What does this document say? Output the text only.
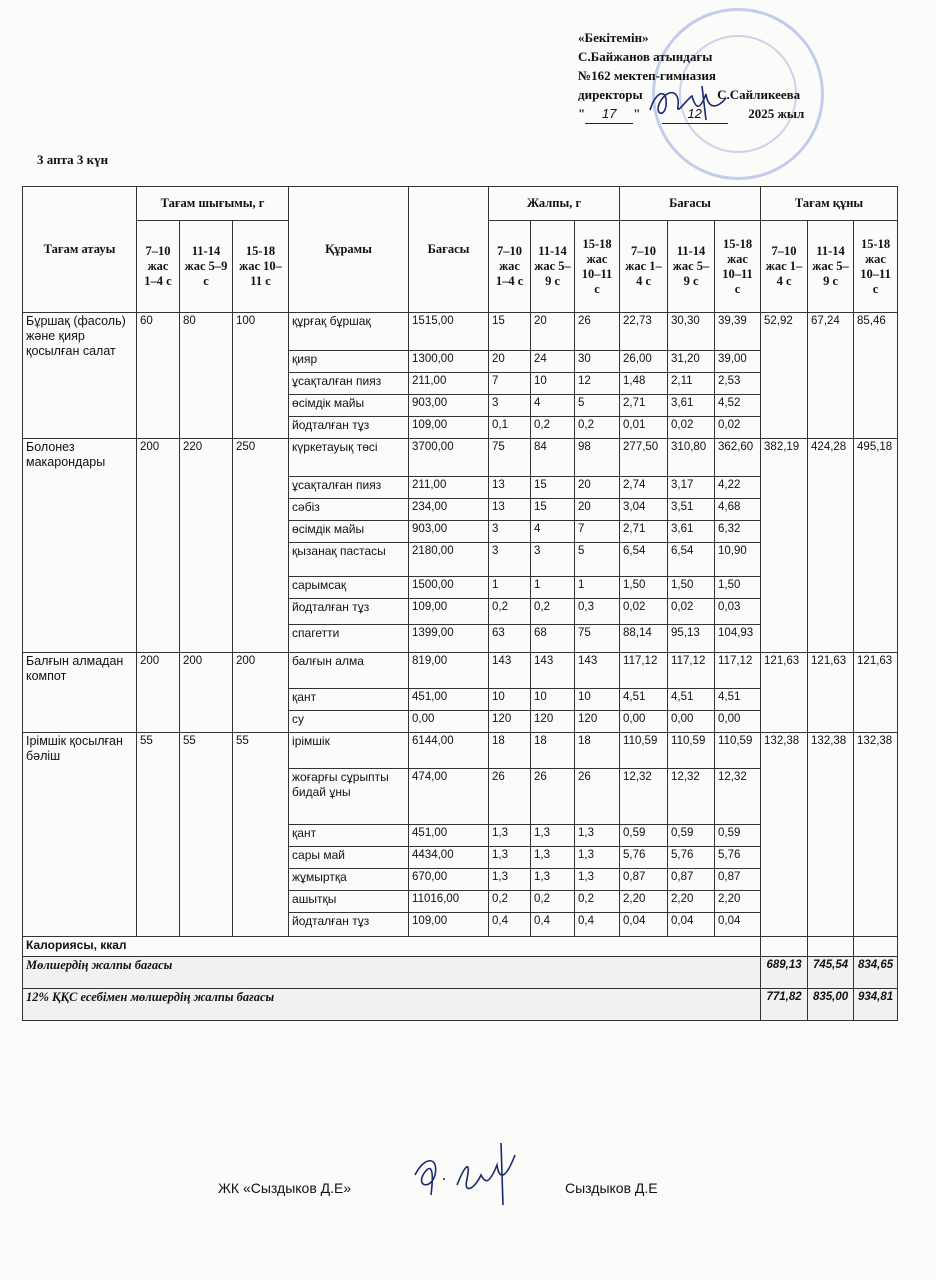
«Бекітемін»
С.Байжанов атындағы
№162 мектеп-гимназия
директоры	С.Сайликеева
" 17 "	12	2025 жыл
3 апта 3 күн
Тағам атауы	Тағам шығымы, г			Құрамы	Бағасы	Жалпы, г			Бағасы			Тағам құны		
	7–10 жас 1–4 с	11-14 жас 5–9 с	15-18 жас 10–11 с			7–10 жас 1–4 с	11-14 жас 5–9 с	15-18 жас 10–11 с	7–10 жас 1–4 с	11-14 жас 5–9 с	15-18 жас 10–11 с	7–10 жас 1–4 с	11-14 жас 5–9 с	15-18 жас 10–11 с
Бұршақ (фасоль) және қияр қосылған салат	60	80	100	құрғақ бұршақ	1515,00	15	20	26	22,73	30,30	39,39	52,92	67,24	85,46
				қияр	1300,00	20	24	30	26,00	31,20	39,00			
				ұсақталған пияз	211,00	7	10	12	1,48	2,11	2,53			
				өсімдік майы	903,00	3	4	5	2,71	3,61	4,52			
				йодталған тұз	109,00	0,1	0,2	0,2	0,01	0,02	0,02			
Болонез макарондары	200	220	250	күркетауық төсі	3700,00	75	84	98	277,50	310,80	362,60	382,19	424,28	495,18
				ұсақталған пияз	211,00	13	15	20	2,74	3,17	4,22			
				сәбіз	234,00	13	15	20	3,04	3,51	4,68			
				өсімдік майы	903,00	3	4	7	2,71	3,61	6,32			
				қызанақ пастасы	2180,00	3	3	5	6,54	6,54	10,90			
				сарымсақ	1500,00	1	1	1	1,50	1,50	1,50			
				йодталған тұз	109,00	0,2	0,2	0,3	0,02	0,02	0,03			
				спагетти	1399,00	63	68	75	88,14	95,13	104,93			
Балғын алмадан компот	200	200	200	балғын алма	819,00	143	143	143	117,12	117,12	117,12	121,63	121,63	121,63
				қант	451,00	10	10	10	4,51	4,51	4,51			
				су	0,00	120	120	120	0,00	0,00	0,00			
Ірімшік қосылған бәліш	55	55	55	ірімшік	6144,00	18	18	18	110,59	110,59	110,59	132,38	132,38	132,38
				жоғарғы сұрыпты бидай ұны	474,00	26	26	26	12,32	12,32	12,32			
				қант	451,00	1,3	1,3	1,3	0,59	0,59	0,59			
				сары май	4434,00	1,3	1,3	1,3	5,76	5,76	5,76			
				жұмыртқа	670,00	1,3	1,3	1,3	0,87	0,87	0,87			
				ашытқы	11016,00	0,2	0,2	0,2	2,20	2,20	2,20			
				йодталған тұз	109,00	0,4	0,4	0,4	0,04	0,04	0,04			
Калориясы, ккал														
Мөлшердің жалпы бағасы												689,13	745,54	834,65
12% ҚҚС есебімен мөлшердің жалпы бағасы												771,82	835,00	934,81
ЖК «Сыздыков Д.Е»	Сыздыков Д.Е
